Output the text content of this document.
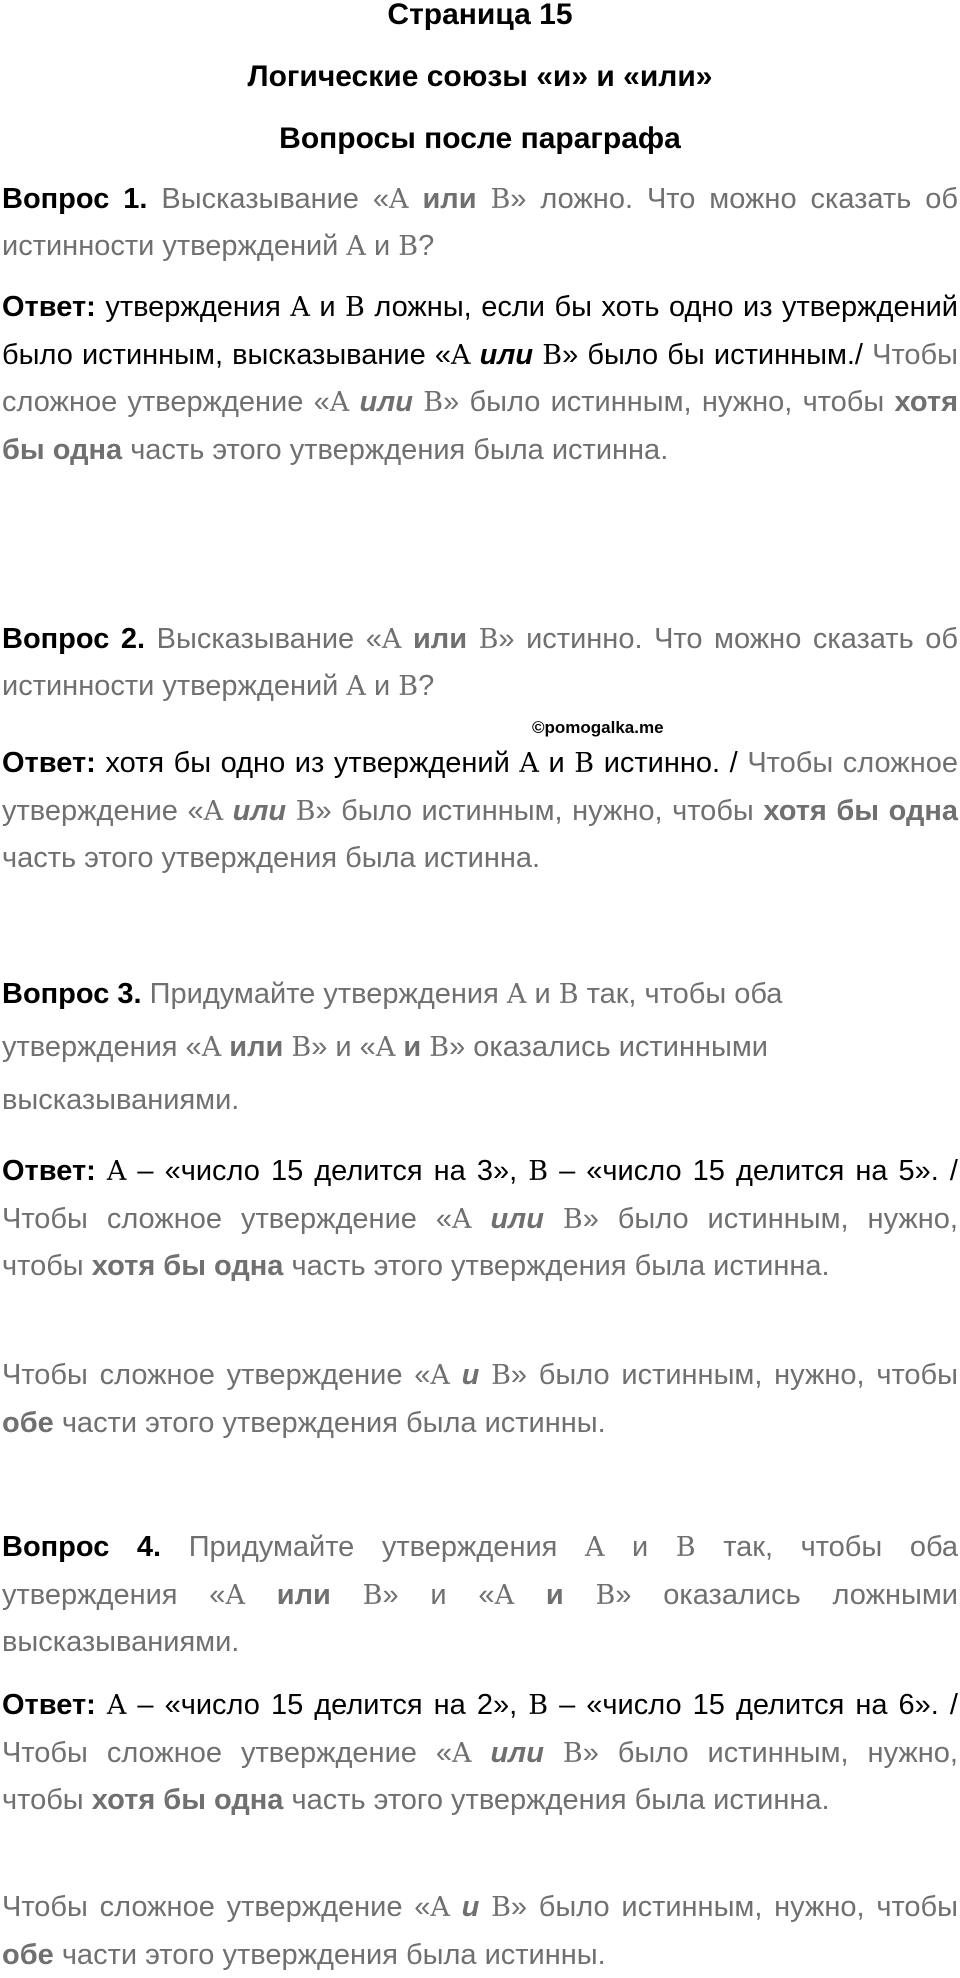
Страница 15
Логические союзы «и» и «или»
Вопросы после параграфа
Вопрос 1. Высказывание «A или B» ложно. Что можно сказать об истинности утверждений A и B?
Ответ: утверждения A и B ложны, если бы хоть одно из утверждений было истинным, высказывание «A или B» было бы истинным./ Чтобы сложное утверждение «A или B» было истинным, нужно, чтобы хотя бы одна часть этого утверждения была истинна.
Вопрос 2. Высказывание «A или B» истинно. Что можно сказать об истинности утверждений A и B?
©pomogalka.me
Ответ: хотя бы одно из утверждений A и B истинно. / Чтобы сложное утверждение «A или B» было истинным, нужно, чтобы хотя бы одна часть этого утверждения была истинна.
Вопрос 3. Придумайте утверждения A и B так, чтобы оба утверждения «A или B» и «A и B» оказались истинными высказываниями.
Ответ: A – «число 15 делится на 3», B – «число 15 делится на 5». /Чтобы сложное утверждение «A или B» было истинным, нужно, чтобы хотя бы одна часть этого утверждения была истинна.
Чтобы сложное утверждение «A и B» было истинным, нужно, чтобы обе части этого утверждения была истинны.
Вопрос 4. Придумайте утверждения A и B так, чтобы оба утверждения «A или B» и «A и B» оказались ложными высказываниями.
Ответ: A – «число 15 делится на 2», B – «число 15 делится на 6». /Чтобы сложное утверждение «A или B» было истинным, нужно, чтобы хотя бы одна часть этого утверждения была истинна.
Чтобы сложное утверждение «A и B» было истинным, нужно, чтобы обе части этого утверждения была истинны.
